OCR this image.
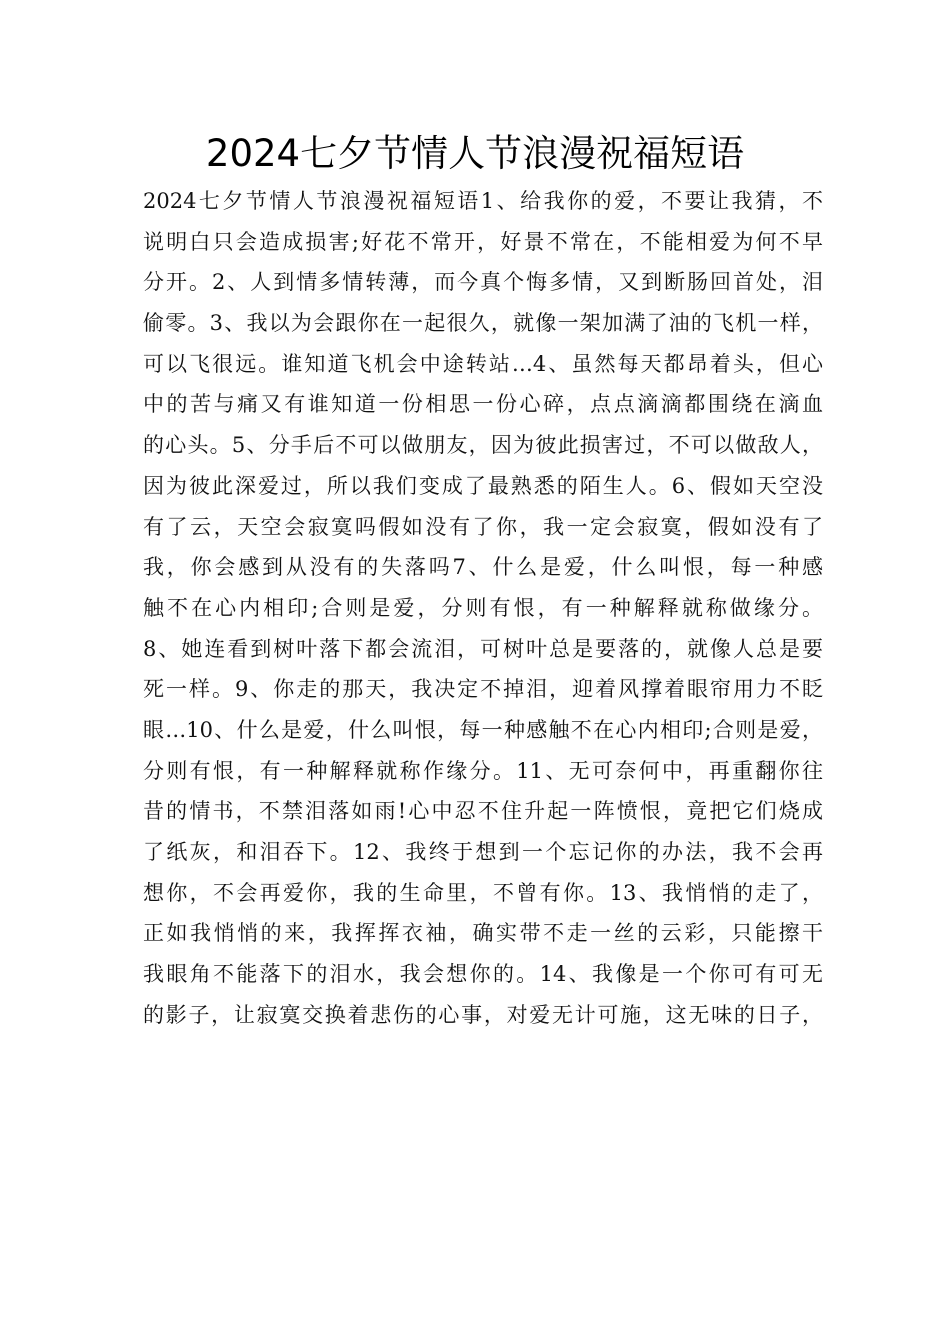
2024七夕节情人节浪漫祝福短语
2024七夕节情人节浪漫祝福短语1、给我你的爱，不要让我猜，不
说明白只会造成损害;好花不常开，好景不常在，不能相爱为何不早
分开。2、人到情多情转薄，而今真个悔多情，又到断肠回首处，泪
偷零。3、我以为会跟你在一起很久，就像一架加满了油的飞机一样，
可以飞很远。谁知道飞机会中途转站…4、虽然每天都昂着头，但心
中的苦与痛又有谁知道一份相思一份心碎，点点滴滴都围绕在滴血
的心头。5、分手后不可以做朋友，因为彼此损害过，不可以做敌人，
因为彼此深爱过，所以我们变成了最熟悉的陌生人。6、假如天空没
有了云，天空会寂寞吗假如没有了你，我一定会寂寞，假如没有了
我，你会感到从没有的失落吗7、什么是爱，什么叫恨，每一种感
触不在心内相印;合则是爱，分则有恨，有一种解释就称做缘分。
8、她连看到树叶落下都会流泪，可树叶总是要落的，就像人总是要
死一样。9、你走的那天，我决定不掉泪，迎着风撑着眼帘用力不眨
眼…10、什么是爱，什么叫恨，每一种感触不在心内相印;合则是爱，
分则有恨，有一种解释就称作缘分。11、无可奈何中，再重翻你往
昔的情书，不禁泪落如雨!心中忍不住升起一阵愤恨，竟把它们烧成
了纸灰，和泪吞下。12、我终于想到一个忘记你的办法，我不会再
想你，不会再爱你，我的生命里，不曾有你。13、我悄悄的走了，
正如我悄悄的来，我挥挥衣袖，确实带不走一丝的云彩，只能擦干
我眼角不能落下的泪水，我会想你的。14、我像是一个你可有可无
的影子，让寂寞交换着悲伤的心事，对爱无计可施，这无味的日子，
